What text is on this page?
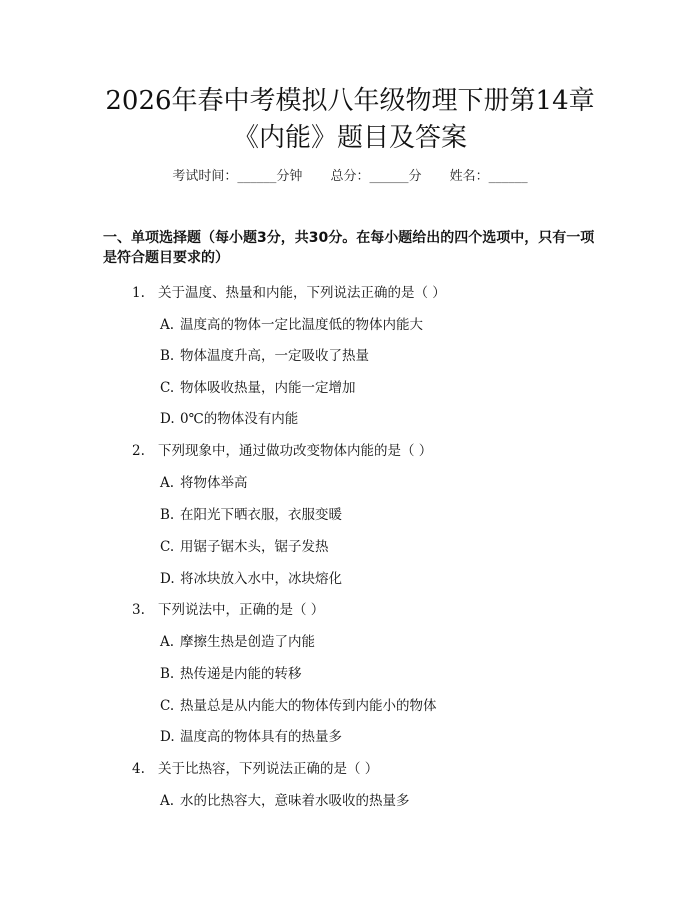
2026年春中考模拟八年级物理下册第14章
《内能》题目及答案
考试时间：______分钟 总分：______分 姓名：______
一、单项选择题（每小题3分，共30分。在每小题给出的四个选项中，只有一项是符合题目要求的）
1. 关于温度、热量和内能，下列说法正确的是（ ）
A. 温度高的物体一定比温度低的物体内能大
B. 物体温度升高，一定吸收了热量
C. 物体吸收热量，内能一定增加
D. 0℃的物体没有内能
2. 下列现象中，通过做功改变物体内能的是（ ）
A. 将物体举高
B. 在阳光下晒衣服，衣服变暖
C. 用锯子锯木头，锯子发热
D. 将冰块放入水中，冰块熔化
3. 下列说法中，正确的是（ ）
A. 摩擦生热是创造了内能
B. 热传递是内能的转移
C. 热量总是从内能大的物体传到内能小的物体
D. 温度高的物体具有的热量多
4. 关于比热容，下列说法正确的是（ ）
A. 水的比热容大，意味着水吸收的热量多
